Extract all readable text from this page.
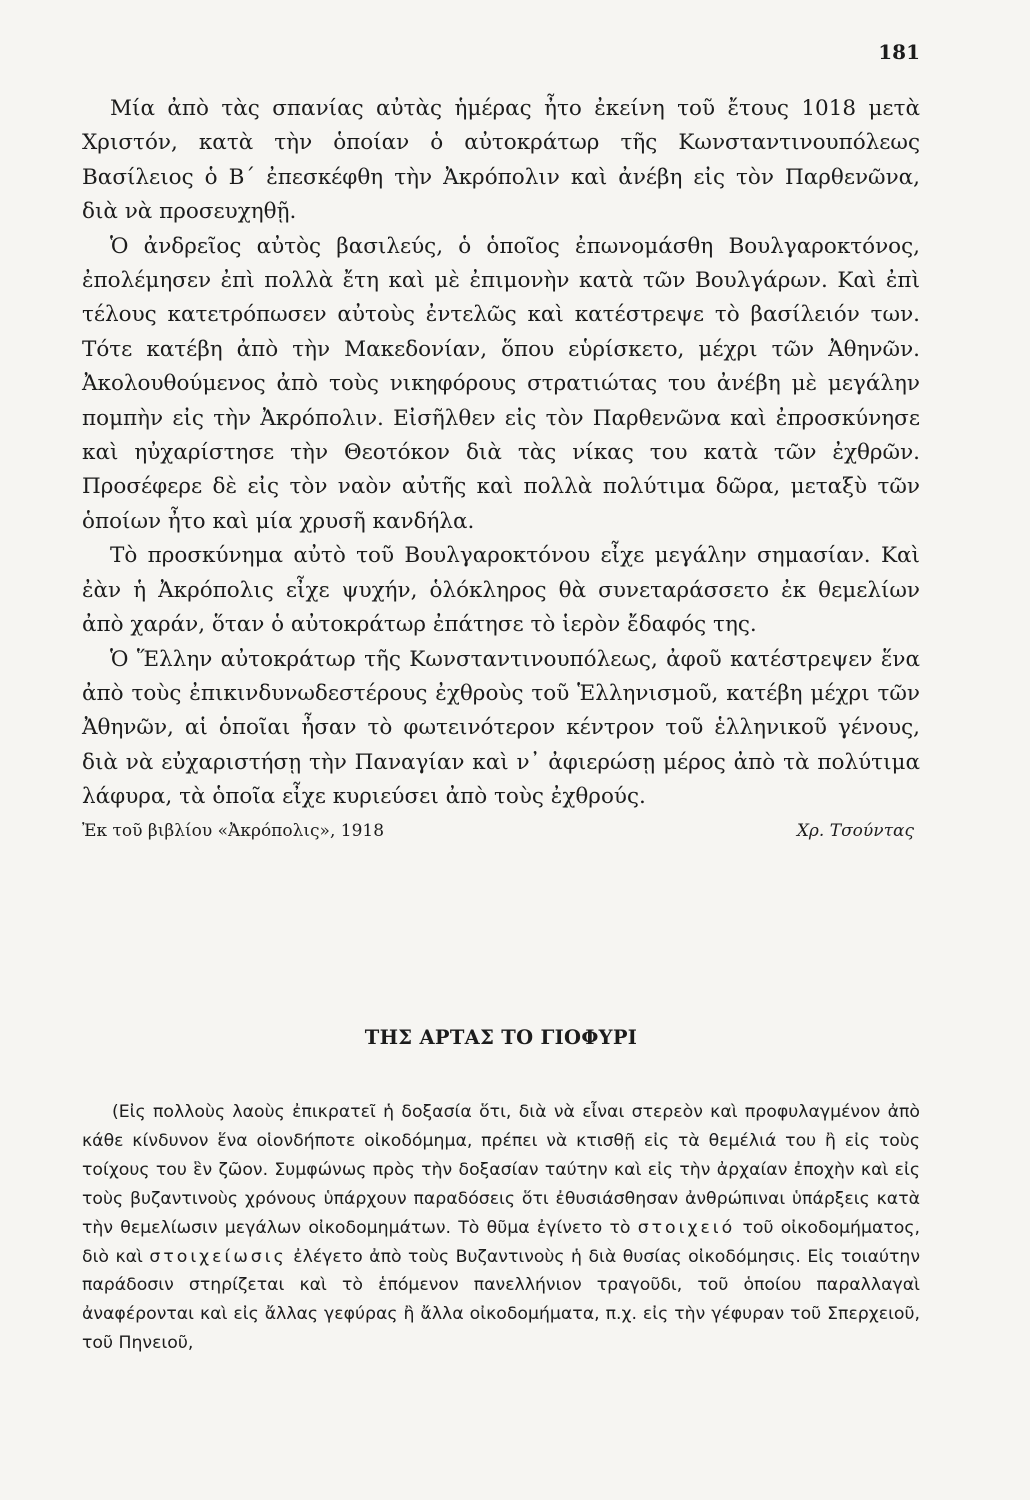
181

Μία ἀπὸ τὰς σπανίας αὐτὰς ἡμέρας ἦτο ἐκείνη τοῦ ἔτους 1018 μετὰ Χριστόν, κατὰ τὴν ὁποίαν ὁ αὐτοκράτωρ τῆς Κωνσταντινουπόλεως Βασίλειος ὁ Β΄ ἐπεσκέφθη τὴν Ἀκρόπολιν καὶ ἀνέβη εἰς τὸν Παρθενῶνα, διὰ νὰ προσευχηθῇ.

Ὁ ἀνδρεῖος αὐτὸς βασιλεύς, ὁ ὁποῖος ἐπωνομάσθη Βουλγαροκτόνος, ἐπολέμησεν ἐπὶ πολλὰ ἔτη καὶ μὲ ἐπιμονὴν κατὰ τῶν Βουλγάρων. Καὶ ἐπὶ τέλους κατετρόπωσεν αὐτοὺς ἐντελῶς καὶ κατέστρεψε τὸ βασίλειόν των. Τότε κατέβη ἀπὸ τὴν Μακεδονίαν, ὅπου εὑρίσκετο, μέχρι τῶν Ἀθηνῶν. Ἀκολουθούμενος ἀπὸ τοὺς νικηφόρους στρατιώτας του ἀνέβη μὲ μεγάλην πομπὴν εἰς τὴν Ἀκρόπολιν. Εἰσῆλθεν εἰς τὸν Παρθενῶνα καὶ ἐπροσκύνησε καὶ ηὐχαρίστησε τὴν Θεοτόκον διὰ τὰς νίκας του κατὰ τῶν ἐχθρῶν. Προσέφερε δὲ εἰς τὸν ναὸν αὐτῆς καὶ πολλὰ πολύτιμα δῶρα, μεταξὺ τῶν ὁποίων ἦτο καὶ μία χρυσῆ κανδήλα.

Τὸ προσκύνημα αὐτὸ τοῦ Βουλγαροκτόνου εἶχε μεγάλην σημασίαν. Καὶ ἐὰν ἡ Ἀκρόπολις εἶχε ψυχήν, ὁλόκληρος θὰ συνεταράσσετο ἐκ θεμελίων ἀπὸ χαράν, ὅταν ὁ αὐτοκράτωρ ἐπάτησε τὸ ἱερὸν ἔδαφός της.

Ὁ Ἕλλην αὐτοκράτωρ τῆς Κωνσταντινουπόλεως, ἀφοῦ κατέστρεψεν ἕνα ἀπὸ τοὺς ἐπικινδυνωδεστέρους ἐχθροὺς τοῦ Ἑλληνισμοῦ, κατέβη μέχρι τῶν Ἀθηνῶν, αἱ ὁποῖαι ἦσαν τὸ φωτεινότερον κέντρον τοῦ ἑλληνικοῦ γένους, διὰ νὰ εὐχαριστήσῃ τὴν Παναγίαν καὶ ν᾿ ἀφιερώσῃ μέρος ἀπὸ τὰ πολύτιμα λάφυρα, τὰ ὁποῖα εἶχε κυριεύσει ἀπὸ τοὺς ἐχθρούς.

Ἐκ τοῦ βιβλίου «Ἀκρόπολις», 1918	Χρ. Τσούντας
ΤΗΣ ΑΡΤΑΣ ΤΟ ΓΙΟΦΥΡΙ
(Εἰς πολλοὺς λαοὺς ἐπικρατεῖ ἡ δοξασία ὅτι, διὰ νὰ εἶναι στερεὸν καὶ προφυλαγμένον ἀπὸ κάθε κίνδυνον ἕνα οἱονδήποτε οἰκοδόμημα, πρέπει νὰ κτισθῇ εἰς τὰ θεμέλιά του ἢ εἰς τοὺς τοίχους του ἓν ζῶον. Συμφώνως πρὸς τὴν δοξασίαν ταύτην καὶ εἰς τὴν ἀρχαίαν ἐποχὴν καὶ εἰς τοὺς βυζαντινοὺς χρόνους ὑπάρχουν παραδόσεις ὅτι ἐθυσιάσθησαν ἀνθρώπιναι ὑπάρξεις κατὰ τὴν θεμελίωσιν μεγάλων οἰκοδομημάτων. Τὸ θῦμα ἐγίνετο τὸ στοιχειό τοῦ οἰκοδομήματος, διὸ καὶ στοιχείωσις ἐλέγετο ἀπὸ τοὺς Βυζαντινοὺς ἡ διὰ θυσίας οἰκοδόμησις. Εἰς τοιαύτην παράδοσιν στηρίζεται καὶ τὸ ἑπόμενον πανελλήνιον τραγοῦδι, τοῦ ὁποίου παραλλαγαὶ ἀναφέρονται καὶ εἰς ἄλλας γεφύρας ἢ ἄλλα οἰκοδομήματα, π.χ. εἰς τὴν γέφυραν τοῦ Σπερχειοῦ, τοῦ Πηνειοῦ,
